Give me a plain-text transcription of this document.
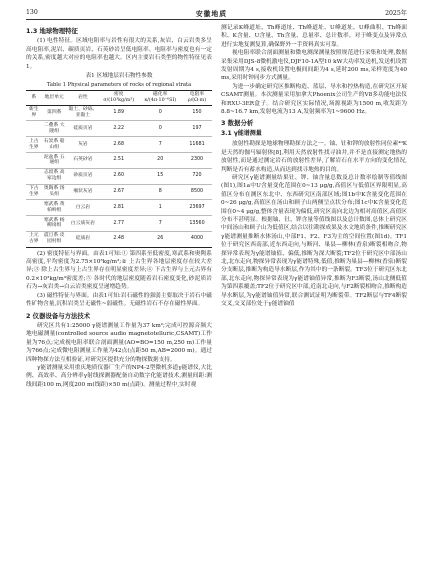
130	安徽地质	2025年
1.3 地球物理特征

(1) 电性特征。区域电阻率与岩性有很大的关系,灰岩、白云岩类多呈高电阻率,泥岩、碳质页岩、石英砂岩呈低电阻率。电阻率与密度也有一定的关系,密度越大对应的电阻率也越大。区内主要岩石类型的物性特征见表1。

表1 区域地层岩石物性参数
Table 1 Physical parameters of rocks of regional strata
系	地层单元	岩性	密度 σ/(10³kg/m³)	磁化率 κ/(4π·10⁻⁶SI)	电阻率 ρ/(Ω·m)
新生界	第四系	黏土、砂砾、亚黏土	1.89	0	150
	二叠系 大隆组	硅质页岩	2.22	0	197
上古生界	石炭系 船山组	灰岩	2.68	7	11681
	泥盆系 五通组	石英砂岩	2.51	20	2300
	志留系 高家边组	砂质页岩	2.60	15	720
下古生界	奥陶系 汤头组	瘤状灰岩	2.67	8	8500
	寒武系 黄柏岭组	白云岩	2.81	1	23697
	寒武系 杨柳岗组	白云质灰岩	2.77	7	13560
上元古界	震旦系 皮园村组	硅质岩	2.48	26	4000

(2) 密度特征与界面。由表1可知:① 第四系至低密度,寒武系和奥陶系高密度,平均密度为2.75×10³kg/m³;② 上古生界各地层密度存在较大差异;③ 除上古生界与上古生界存在明显密度差异;④ 下古生界与上元古界有0.2×10³kg/m³密度差;⑤ 各时代的地层密度随着岩石密度变化,砂泥质岩石为→灰岩类→白云岩类密度呈递增趋势。

(3) 磁性特征与界面。由表1可知:岩石磁性的强弱主要取决于岩石中磁性矿物含量,沉积岩类呈无磁性~弱磁性。无磁性岩石不存在磁性界面。

2 仪器设备与方法技术

研究区共有1:25000 γ能谱测量工作量为37 km²;完成可控源音频大地电磁测量(controlled source audio magnetotelluric,CSAMT)工作量为76点;完成视电阻率联合剖面测量(AO=BO=150 m,250 m)工作量为766点;完成微电阻测量工作量为42点(点距50 m,AB=2000 m)。通过四种物探方法互相验证,对研究区提供充分的物探数据支持。

γ能谱测量采用重庆地质仪器厂生产的NP4-2型微机多道γ能谱仪,大比例、高效率、高分辨率γ射线探测器配备自动数字化能谱技术,测量间距:测线间距100 m,网度200 m(线距)×50 m(点距)。测量过程中,实时观

测记录K峰道址、Th峰道址、Th峰道址、U峰道址、U峰曲积、Th峰面积、K含量、U含量、Th含量、总量率、总计数率。对于峰变点及异常点进行实地复测复算,确保野外一手资料真实可靠。

视电阻率联合剖面测量和微电测深测量按照规范进行采集和处理,数据采集采用DJS-8微机激电仪,DJF10-1A型10 kW大功率发送机,发送机设置发射周期为4 s,接收机设置电极间间距为4 s,延时200 ms,采样宽度为40 ms,采用时钟同步方式测量。

为进一步确定研究区推断构造、蓝层、导水和控热构造,在研究区开展CSAMT测量。本次测量采用加拿大Phoenix公司生产的V8多功能电法仪和RXU-3ER盒子。结合研究区实际情况,场源视距为1500 m,收发距为8.8~16.7 km,发射电流为13 A,发射频率为1~9600 Hz。

3 数据分析
3.1 γ能谱测量

放射性勘探是地球物理勘探方法之一。铀、钍和钾的放射性同位素⁴⁰K是天然的伽马辐射体[8],利用天然放射性找寻油井,并不是直接测定地热的放射性,而是通过测定岩石的放射性差异,了解岩石在水平方向的变化情况,判断是否有蓄水构造,从而达到找寻地热的目的。

研究区γ能谱测量结果钍、钾、铀含量总数及总计数率绘制等值线图(图1),图1a中U含量变化范围在0~13 μg/g,高值区与低值区界限明显,高值区分布在测区东北中、东西研究区南部区域;图1b中K含量变化范围在0~26 μg/g,高值区在汤山和顾子山两侧呈点状分布;图1c中K含量变化范围在0~4 μg/g,整体含量表现为偏低,研究区南向北边为相对高值区,高值区分布不甚明显。根据铀、钍、钾含量等值线图以及总计数图,总体上研究区中间汤山和顾子山为低值区,结合以往勘探成果及水文地质条件,推断研究区γ能谱测量推断水体汤山,中部F1、F2、F3为主的空间位置(图1d)。TF1位于研究区西南部,近东西走向,与断河、巢县—柳林(香泉)断裂相吻合,物探异常表现为γ能谱铀值、偏低,推断为深大断裂;TF2位于研究区中部汤山北,北东走向,物探异常表现为γ能谱特殊,低值,推断为巢县—柳林(香泉)断裂分支断层,推断为构造导水断层,作为其中的一条断裂。TF3位于研究区东北部,北东走向,物探异常表现为γ能谱铀值异常,推断为F3断裂,汤山北侧低值为第四系覆盖;TF2位于研究区中部,近南北走向,与F2断裂相吻合,推断构造导水断层,为γ能谱铀值异常,联合测试证明为断裂带。TF2断层与TF4断裂交叉,交叉部位处于γ能谱铀值
